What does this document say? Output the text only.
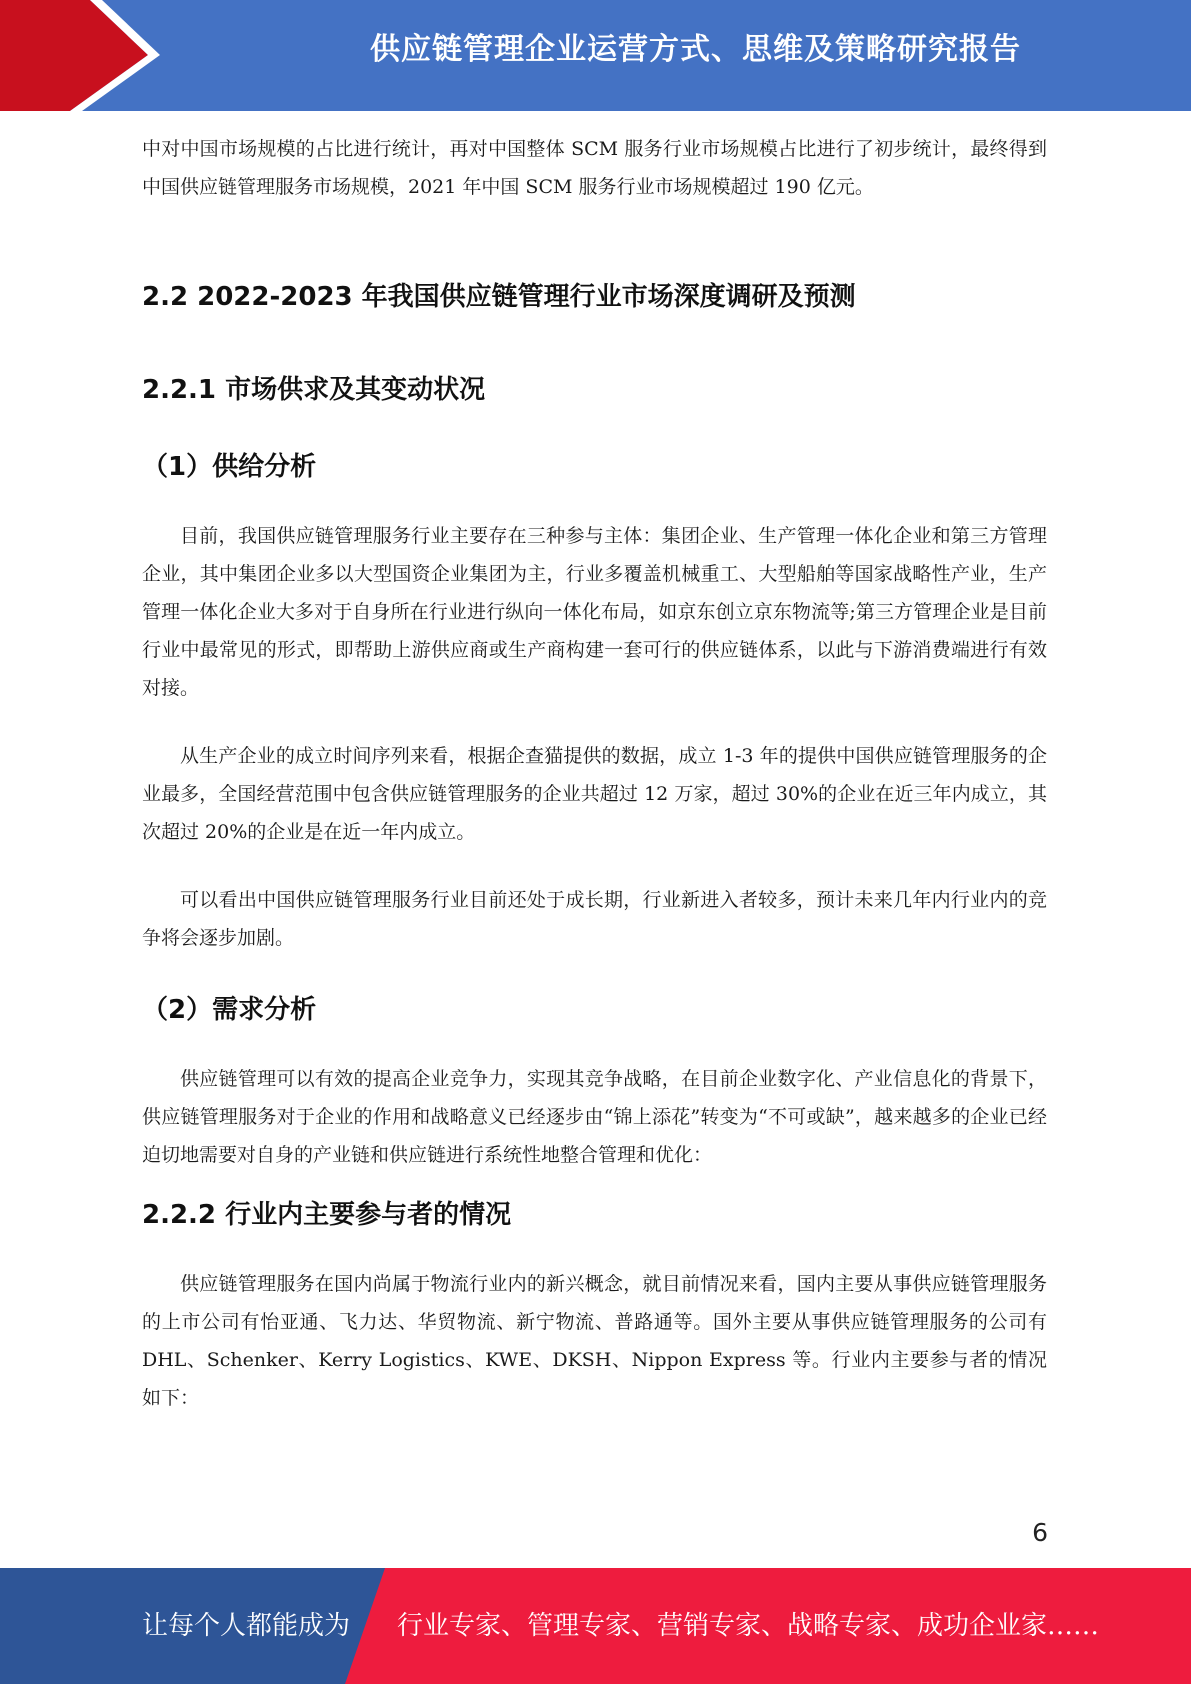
供应链管理企业运营方式、思维及策略研究报告

中对中国市场规模的占比进行统计，再对中国整体 SCM 服务行业市场规模占比进行了初步统计，最终得到中国供应链管理服务市场规模，2021 年中国 SCM 服务行业市场规模超过 190 亿元。

2.2 2022-2023 年我国供应链管理行业市场深度调研及预测
2.2.1 市场供求及其变动状况
（1）供给分析

目前，我国供应链管理服务行业主要存在三种参与主体：集团企业、生产管理一体化企业和第三方管理企业，其中集团企业多以大型国资企业集团为主，行业多覆盖机械重工、大型船舶等国家战略性产业，生产管理一体化企业大多对于自身所在行业进行纵向一体化布局，如京东创立京东物流等;第三方管理企业是目前行业中最常见的形式，即帮助上游供应商或生产商构建一套可行的供应链体系，以此与下游消费端进行有效对接。

从生产企业的成立时间序列来看，根据企查猫提供的数据，成立 1-3 年的提供中国供应链管理服务的企业最多，全国经营范围中包含供应链管理服务的企业共超过 12 万家，超过 30%的企业在近三年内成立，其次超过 20%的企业是在近一年内成立。

可以看出中国供应链管理服务行业目前还处于成长期，行业新进入者较多，预计未来几年内行业内的竞争将会逐步加剧。

（2）需求分析

供应链管理可以有效的提高企业竞争力，实现其竞争战略，在目前企业数字化、产业信息化的背景下，供应链管理服务对于企业的作用和战略意义已经逐步由“锦上添花”转变为“不可或缺”，越来越多的企业已经迫切地需要对自身的产业链和供应链进行系统性地整合管理和优化：

2.2.2 行业内主要参与者的情况

供应链管理服务在国内尚属于物流行业内的新兴概念，就目前情况来看，国内主要从事供应链管理服务的上市公司有怡亚通、飞力达、华贸物流、新宁物流、普路通等。国外主要从事供应链管理服务的公司有 DHL、Schenker、Kerry Logistics、KWE、DKSH、Nippon Express 等。行业内主要参与者的情况如下：

6
让每个人都能成为 行业专家、管理专家、营销专家、战略专家、成功企业家……
